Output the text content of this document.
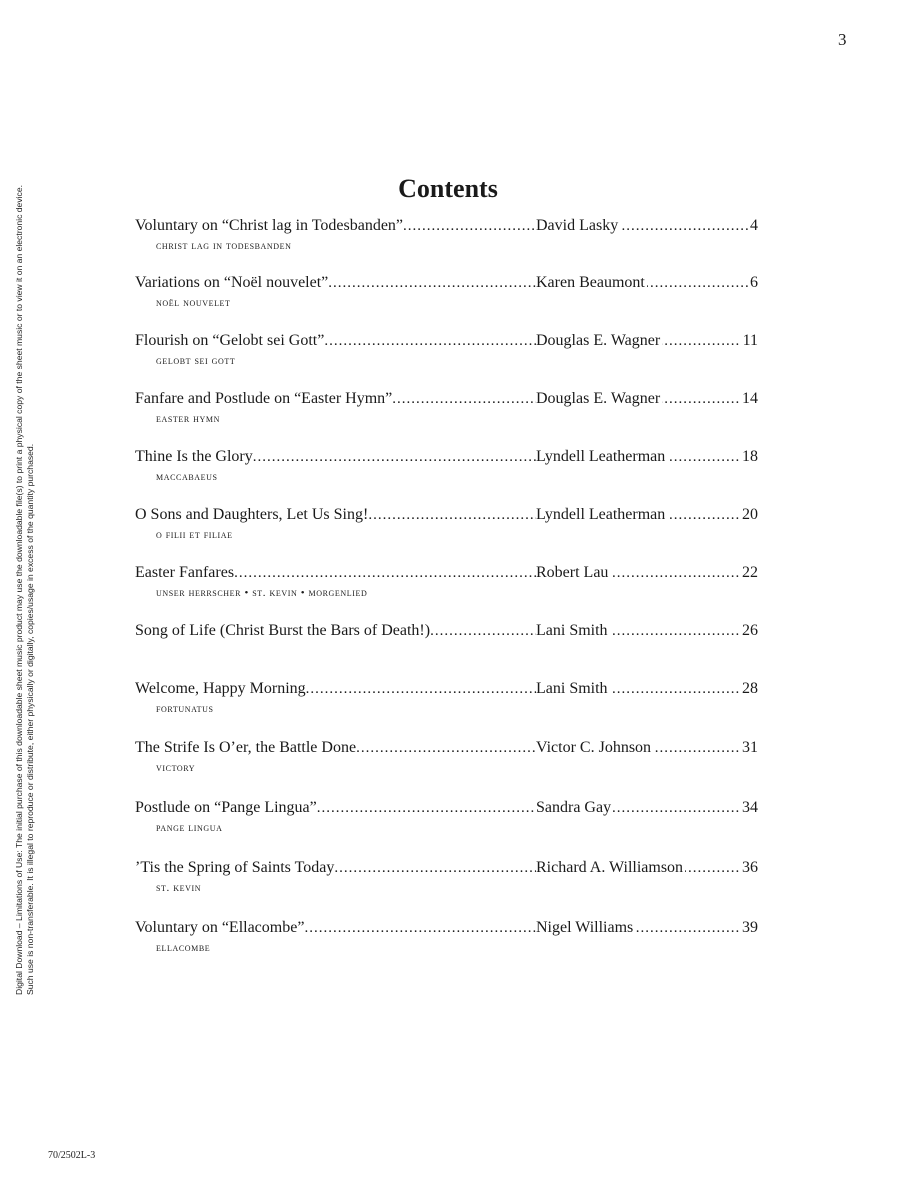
3
Digital Download – Limitations of Use: The initial purchase of this downloadable sheet music product may use the downloadable file(s) to print a physical copy of the sheet music or to view it on an electronic device. Such use is non-transferable. It is illegal to reproduce or distribute, either physically or digitally, copies/usage in excess of the quantity purchased.
Contents
Voluntary on “Christ lag in Todesbanden” ..... .....	David Lasky	4
christ lag in todesbanden
Variations on “Noël nouvelet” ..... .....	Karen Beaumont	6
noël nouvelet
Flourish on “Gelobt sei Gott” ..... .....	Douglas E. Wagner	11
gelobt sei gott
Fanfare and Postlude on “Easter Hymn” ..... .....	Douglas E. Wagner	14
easter hymn
Thine Is the Glory ..... .....	Lyndell Leatherman	18
maccabaeus
O Sons and Daughters, Let Us Sing! ..... .....	Lyndell Leatherman	20
o filii et filiae
Easter Fanfares ..... .....	Robert Lau	22
unser herrscher • st. kevin • morgenlied
Song of Life (Christ Burst the Bars of Death!) ..... .....	Lani Smith	26
Welcome, Happy Morning ..... .....	Lani Smith	28
fortunatus
The Strife Is O’er, the Battle Done ..... .....	Victor C. Johnson	31
victory
Postlude on “Pange Lingua” ..... .....	Sandra Gay	34
pange lingua
’Tis the Spring of Saints Today ..... .....	Richard A. Williamson	36
st. kevin
Voluntary on “Ellacombe” ..... .....	Nigel Williams	39
ellacombe
70/2502L-3
